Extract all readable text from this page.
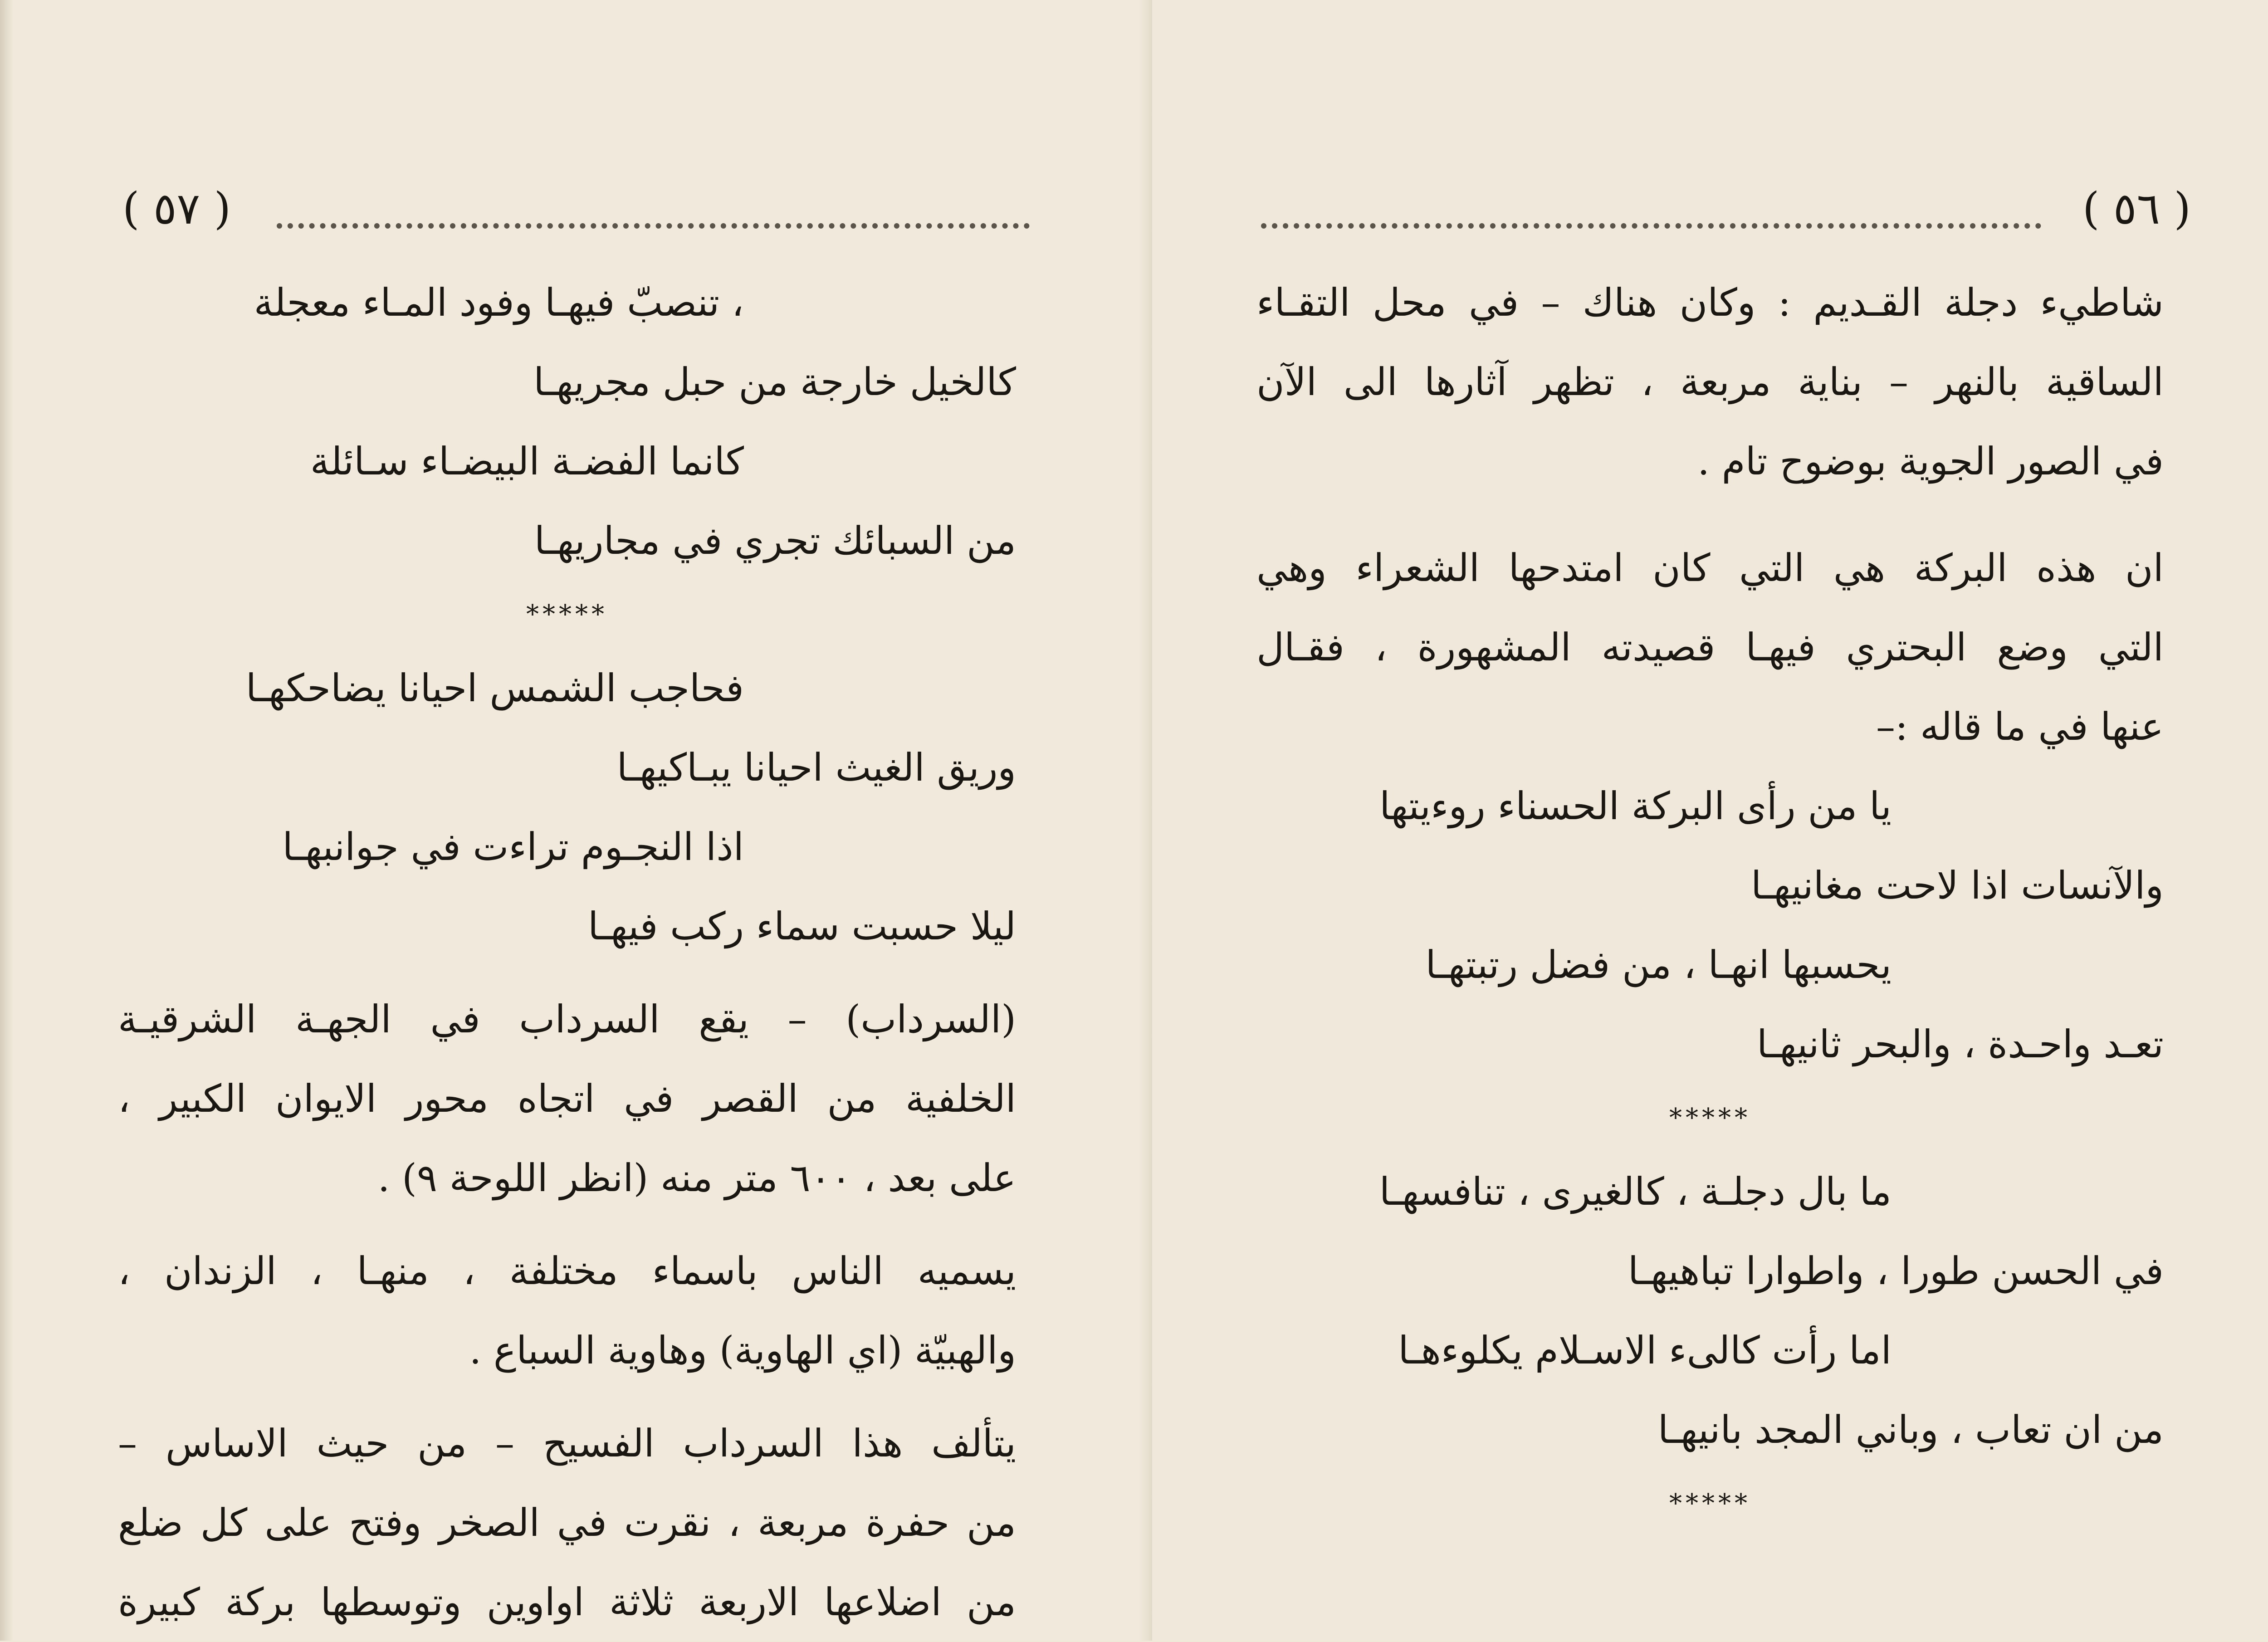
( ٥٧ )
، تنصبّ فيهـا وفود المـاء معجلة
كالخيل خارجة من حبل مجريهـا
كانما الفضـة البيضـاء سـائلة
من السبائك تجري في مجاريهـا
*****
فحاجب الشمس احيانا يضاحكهـا
وريق الغيث احيانا يبـاكيهـا
اذا النجـوم تراءت في جوانبهـا
ليلا حسبت سماء ركب فيهـا
(السرداب) – يقع السرداب في الجهـة الشرقيـة
الخلفية من القصر في اتجاه محور الايوان الكبير ،
على بعد ، ٦٠٠ متر منه (انظر اللوحة ٩) .
يسميه الناس باسماء مختلفة ، منهـا ، الزندان ،
والهبيّة (اي الهاوية) وهاوية السباع .
يتألف هذا السرداب الفسيح – من حيث الاساس –
من حفرة مربعة ، نقرت في الصخر وفتح على كل ضلع
من اضلاعها الاربعة ثلاثة اواوين وتوسطها بركة كبيرة
( ٥٦ )
شاطيء دجلة القـديم : وكان هناك – في محل التقـاء
الساقية بالنهر – بناية مربعة ، تظهر آثارها الى الآن
في الصور الجوية بوضوح تام .
ان هذه البركة هي التي كان امتدحها الشعراء وهي
التي وضع البحتري فيهـا قصيدته المشهورة ، فقـال
عنها في ما قاله :–
يا من رأى البركة الحسناء روءيتها
والآنسات اذا لاحت مغانيهـا
يحسبها انهـا ، من فضل رتبتهـا
تعـد واحـدة ، والبحر ثانيهـا
*****
ما بال دجلـة ، كالغيرى ، تنافسهـا
في الحسن طورا ، واطوارا تباهيهـا
اما رأت كالىء الاسـلام يكلوءهـا
من ان تعاب ، وباني المجد بانيهـا
*****
